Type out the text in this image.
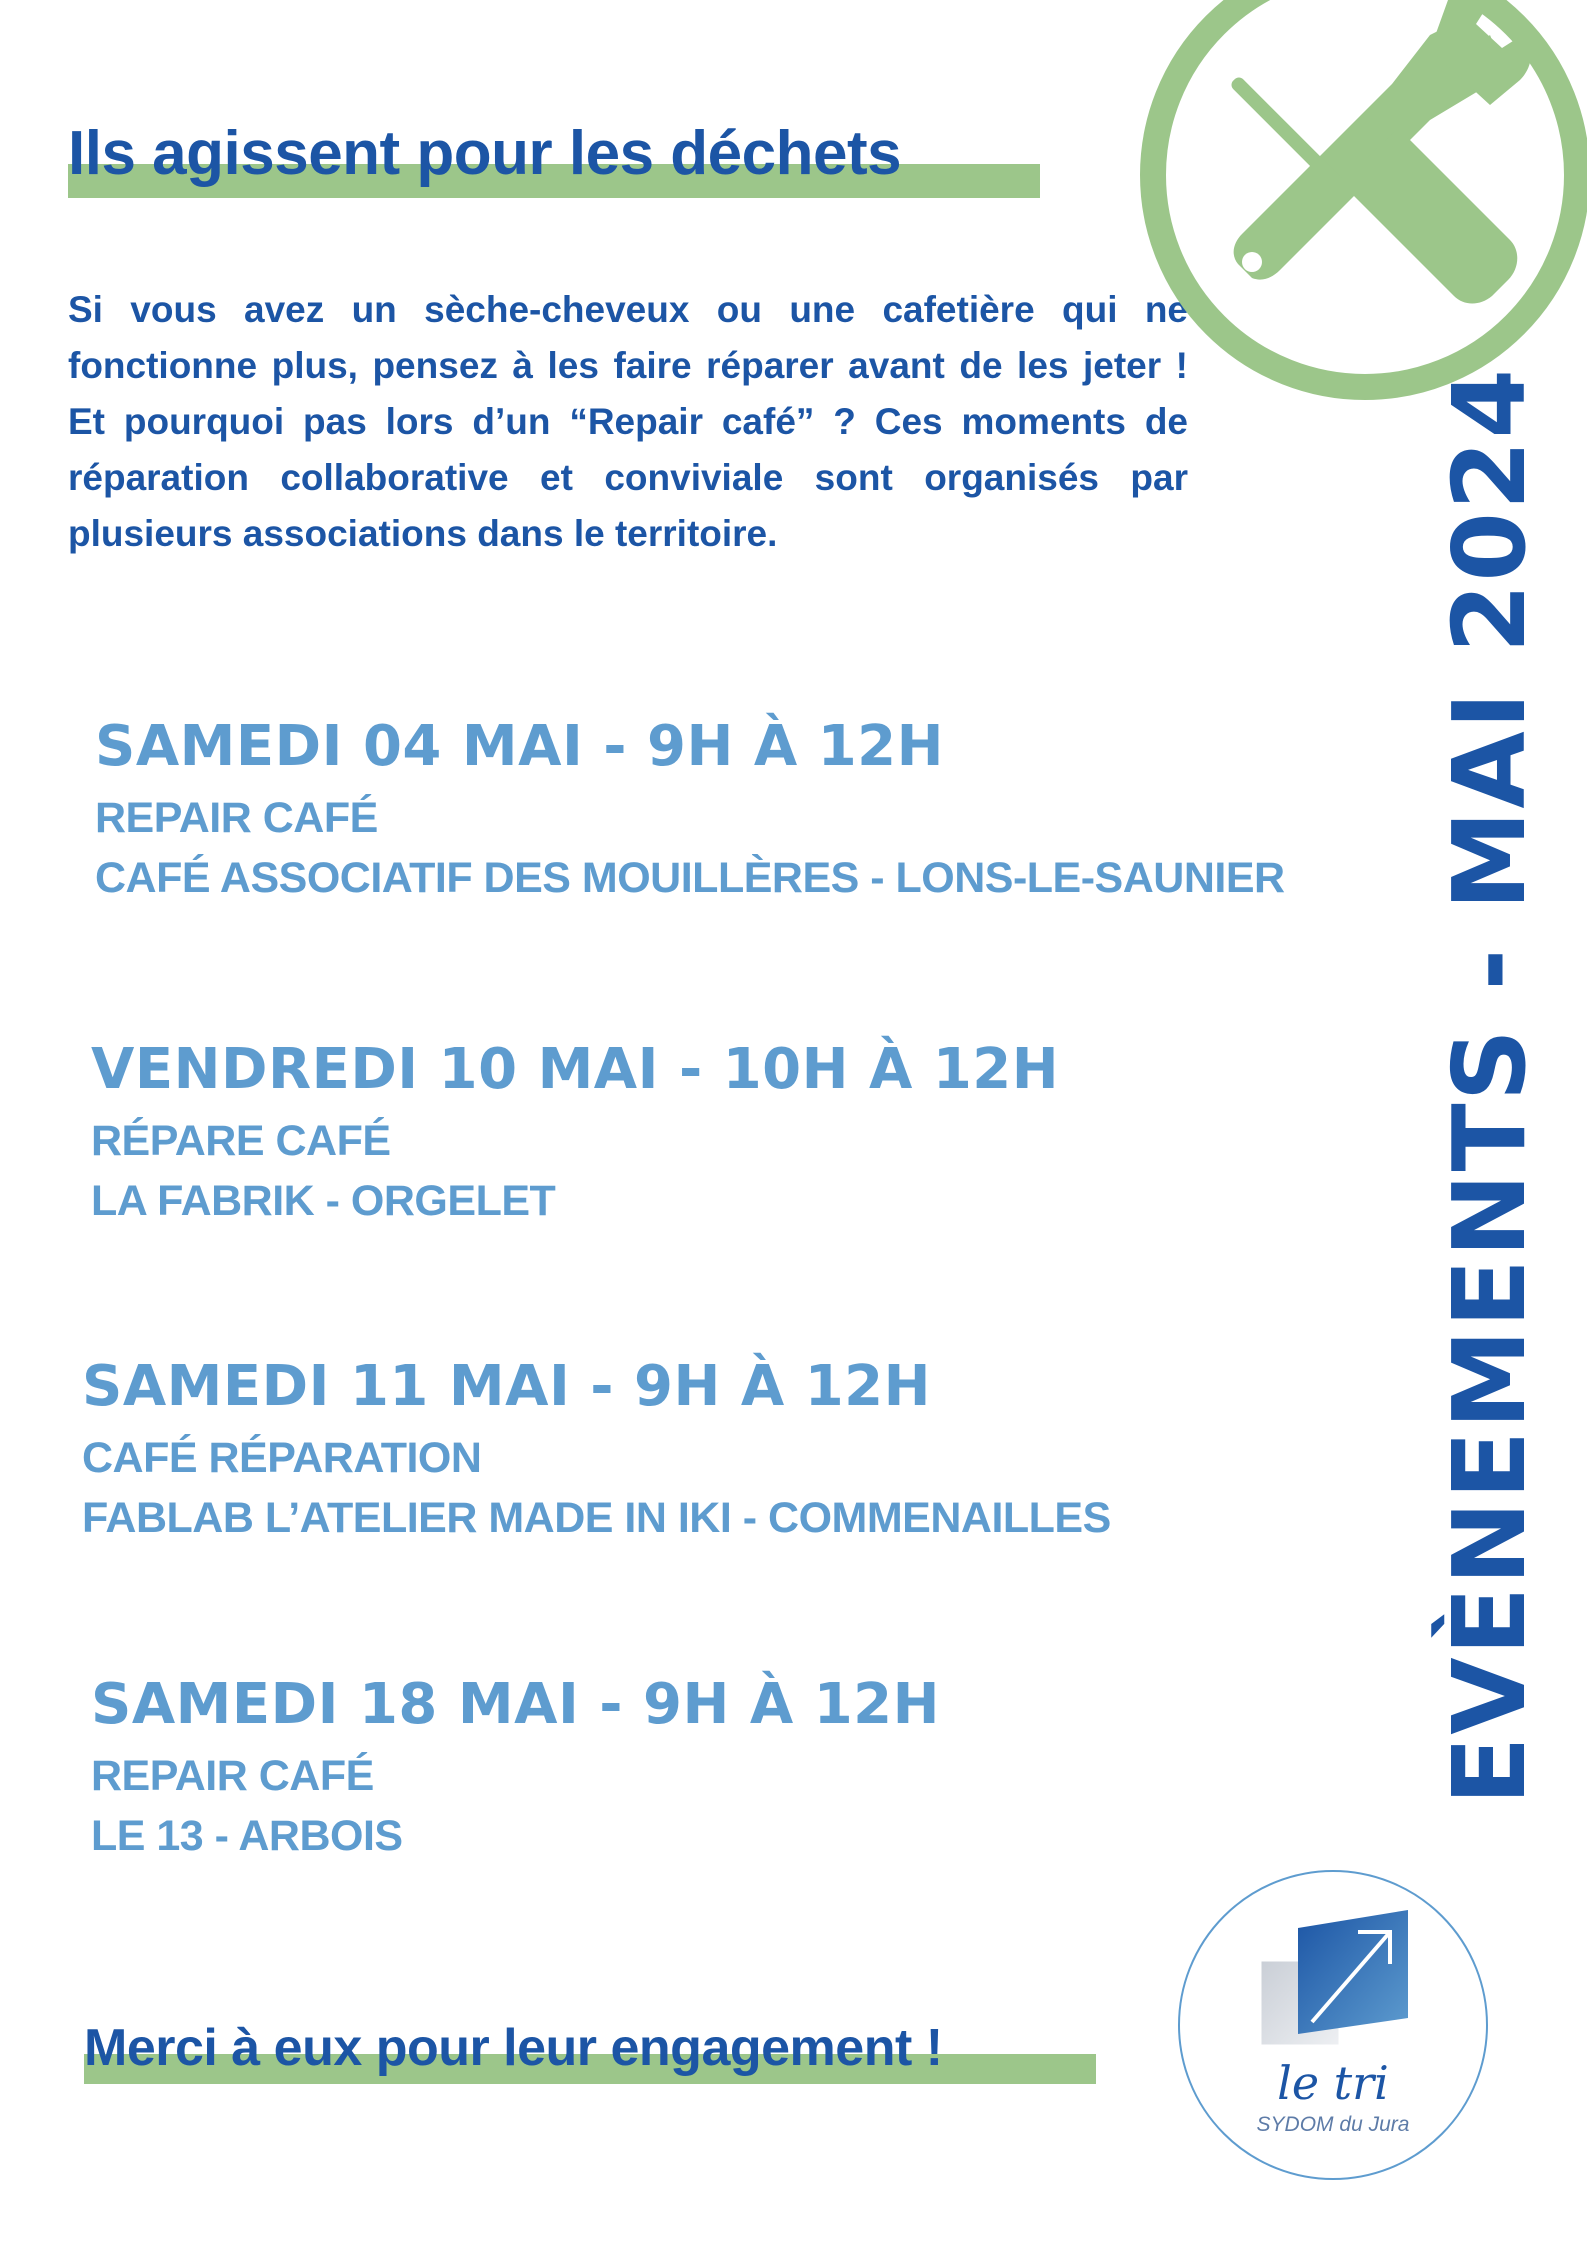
Ils agissent pour les déchets

Si vous avez un sèche-cheveux ou une cafetière qui ne fonctionne plus, pensez à les faire réparer avant de les jeter ! Et pourquoi pas lors d’un “Repair café” ? Ces moments de réparation collaborative et conviviale sont organisés par plusieurs associations dans le territoire.

SAMEDI 04 MAI - 9H À 12H

REPAIR CAFÉ

CAFÉ ASSOCIATIF DES MOUILLÈRES - LONS-LE-SAUNIER

VENDREDI 10 MAI - 10H À 12H

RÉPARE CAFÉ

LA FABRIK - ORGELET

SAMEDI 11 MAI - 9H À 12H

CAFÉ RÉPARATION

FABLAB L’ATELIER MADE IN IKI - COMMENAILLES

SAMEDI 18 MAI - 9H À 12H

REPAIR CAFÉ

LE 13 - ARBOIS

EVÈNEMENTS - MAI 2024

Merci à eux pour leur engagement !

le tri
SYDOM du Jura
